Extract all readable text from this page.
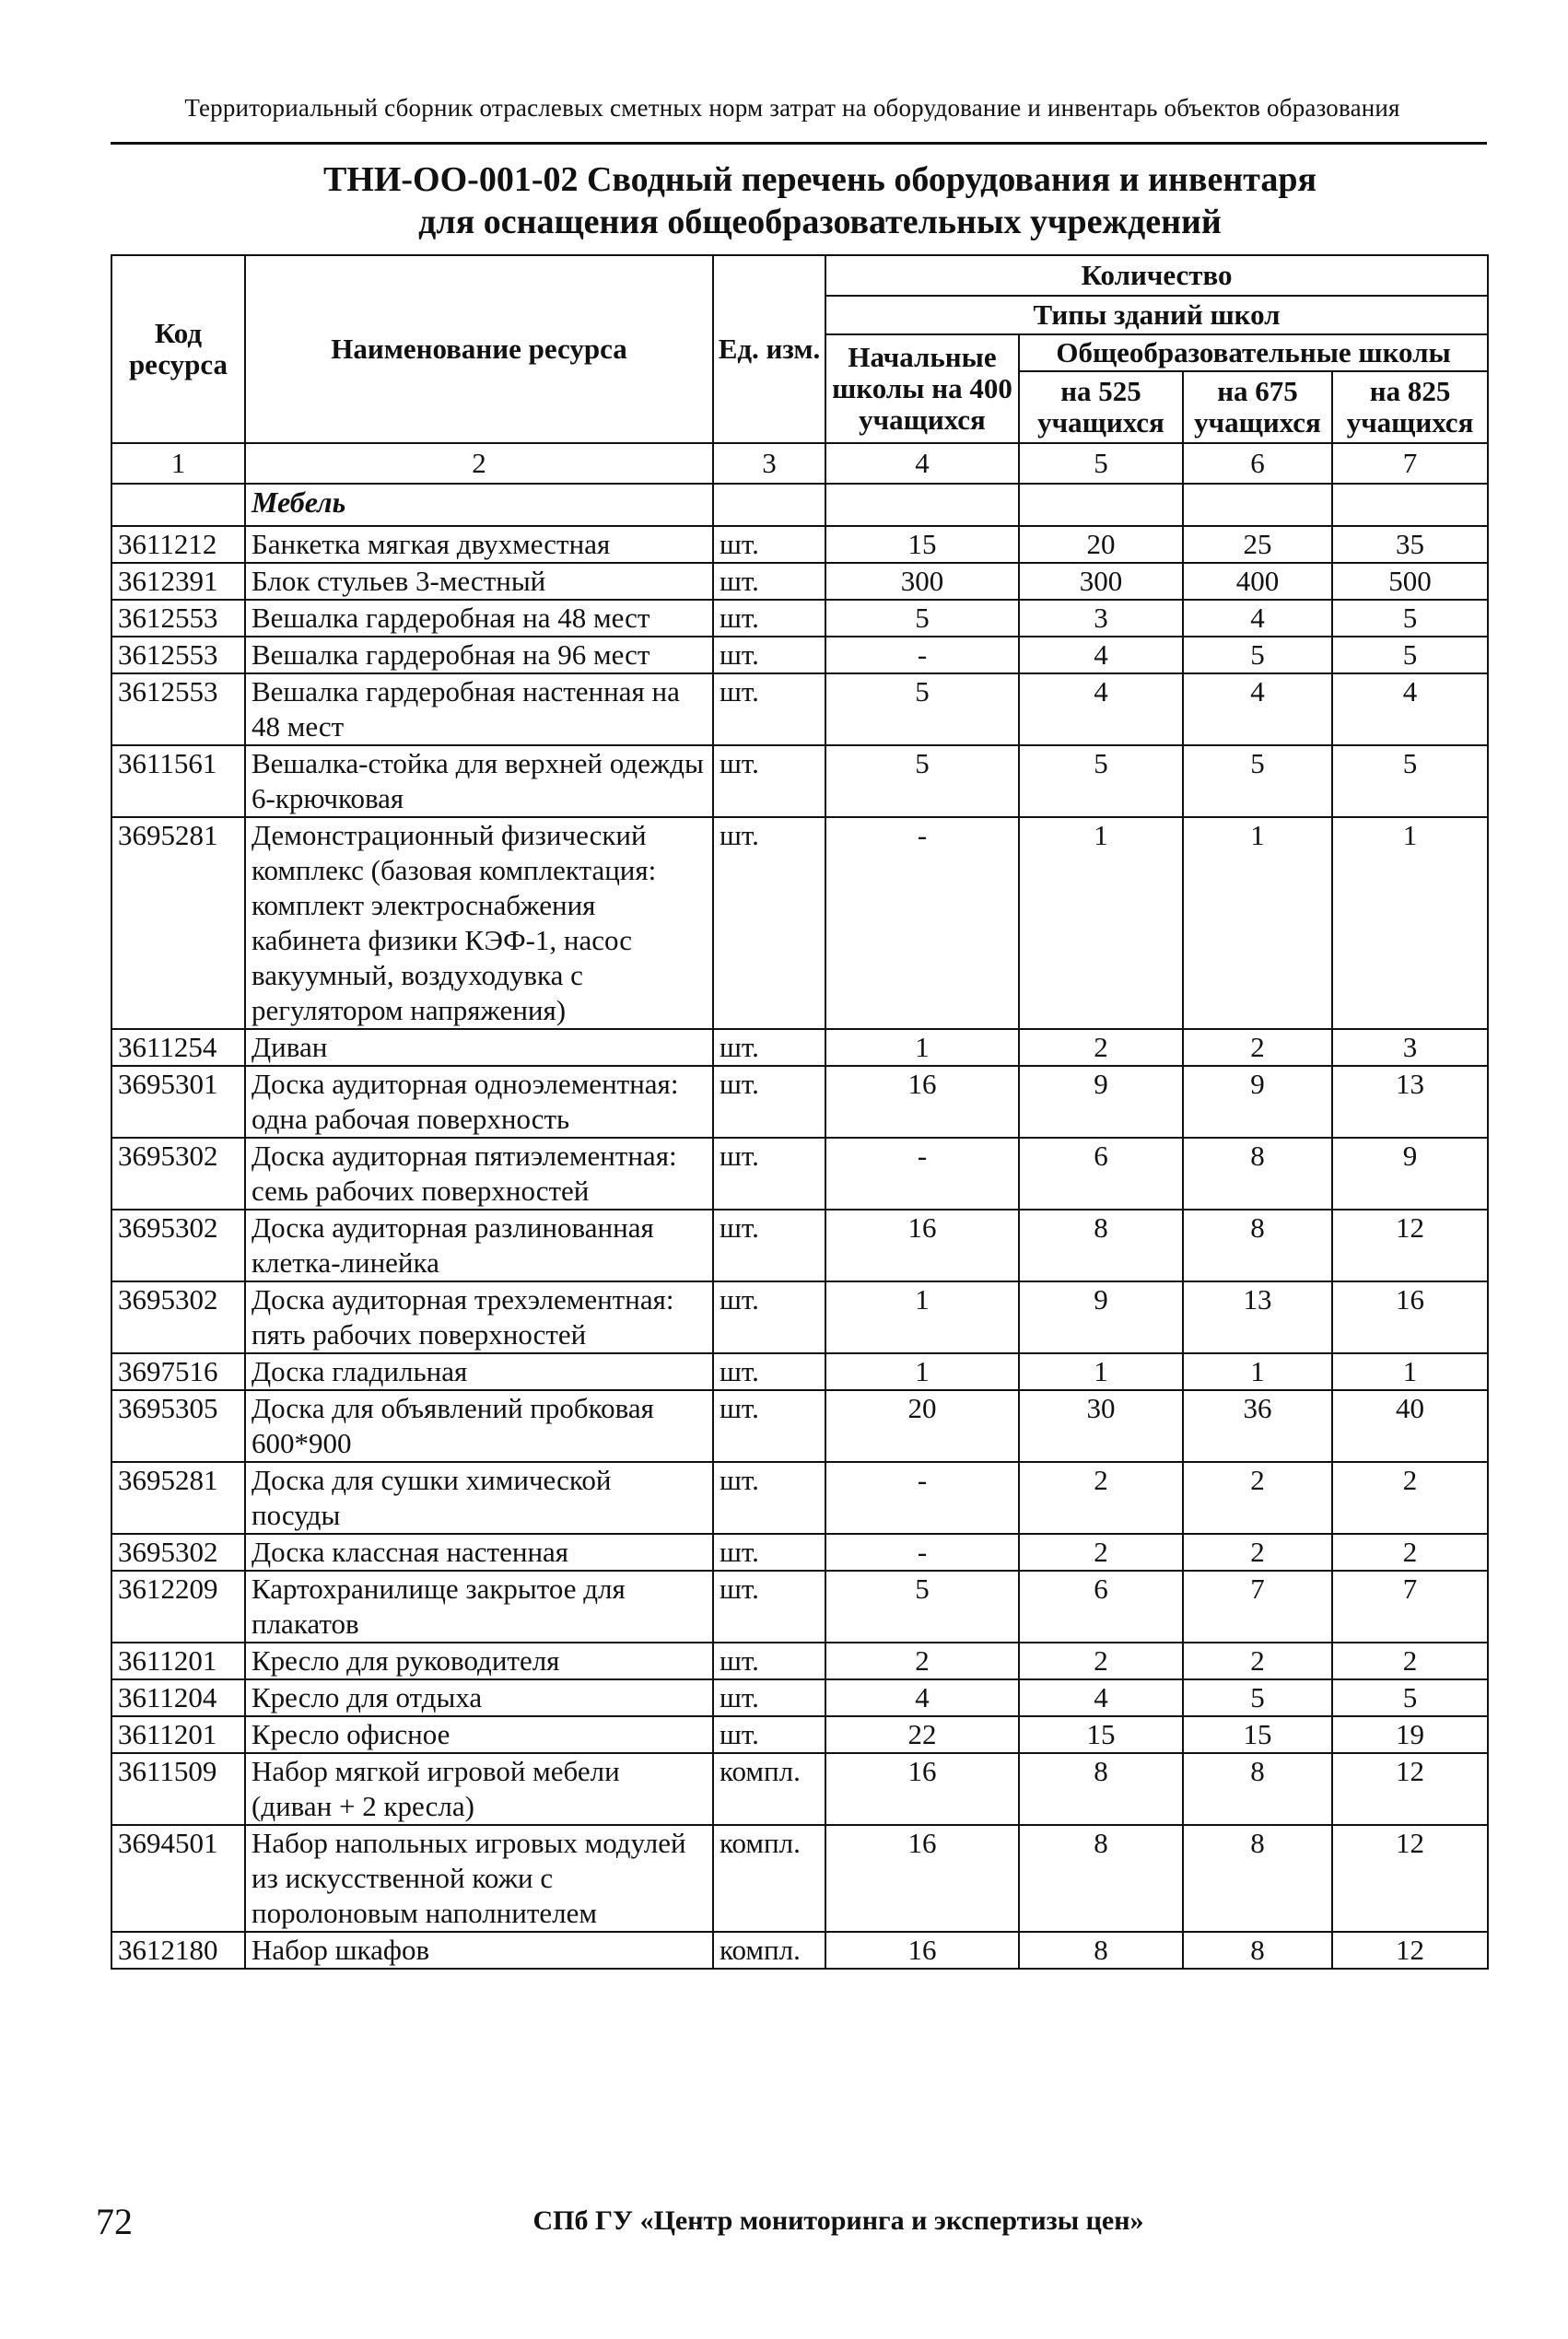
Территориальный сборник отраслевых сметных норм затрат на оборудование и инвентарь объектов образования
ТНИ-ОО-001-02 Сводный перечень оборудования и инвентаря
для оснащения общеобразовательных учреждений
Код ресурса	Наименование ресурса	Ед. изм.	Количество			
			Типы зданий школ			
			Начальные школы на 400 учащихся	Общеобразовательные школы		
				на 525 учащихся	на 675 учащихся	на 825 учащихся
1	2	3	4	5	6	7
	Мебель					
3611212	Банкетка мягкая двухместная	шт.	15	20	25	35
3612391	Блок стульев 3-местный	шт.	300	300	400	500
3612553	Вешалка гардеробная на 48 мест	шт.	5	3	4	5
3612553	Вешалка гардеробная на 96 мест	шт.	-	4	5	5
3612553	Вешалка гардеробная настенная на 48 мест	шт.	5	4	4	4
3611561	Вешалка-стойка для верхней одежды 6-крючковая	шт.	5	5	5	5
3695281	Демонстрационный физический комплекс (базовая комплектация: комплект электроснабжения кабинета физики КЭФ-1, насос вакуумный, воздуходувка с регулятором напряжения)	шт.	-	1	1	1
3611254	Диван	шт.	1	2	2	3
3695301	Доска аудиторная одноэлементная: одна рабочая поверхность	шт.	16	9	9	13
3695302	Доска аудиторная пятиэлементная: семь рабочих поверхностей	шт.	-	6	8	9
3695302	Доска аудиторная разлинованная клетка-линейка	шт.	16	8	8	12
3695302	Доска аудиторная трехэлементная: пять рабочих поверхностей	шт.	1	9	13	16
3697516	Доска гладильная	шт.	1	1	1	1
3695305	Доска для объявлений пробковая 600*900	шт.	20	30	36	40
3695281	Доска для сушки химической посуды	шт.	-	2	2	2
3695302	Доска классная настенная	шт.	-	2	2	2
3612209	Картохранилище закрытое для плакатов	шт.	5	6	7	7
3611201	Кресло для руководителя	шт.	2	2	2	2
3611204	Кресло для отдыха	шт.	4	4	5	5
3611201	Кресло офисное	шт.	22	15	15	19
3611509	Набор мягкой игровой мебели (диван + 2 кресла)	компл.	16	8	8	12
3694501	Набор напольных игровых модулей из искусственной кожи с поролоновым наполнителем	компл.	16	8	8	12
3612180	Набор шкафов	компл.	16	8	8	12
72	СПб ГУ «Центр мониторинга и экспертизы цен»
